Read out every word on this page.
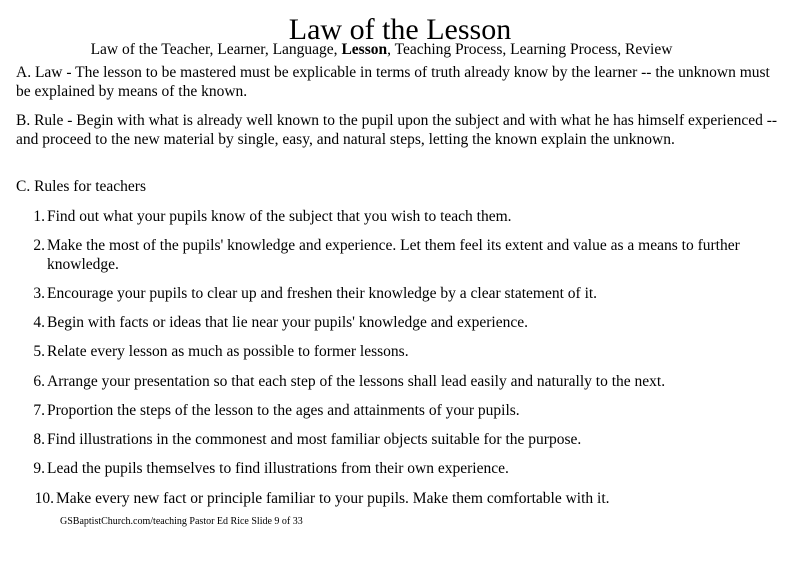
Law of the Lesson
Law of the Teacher, Learner, Language, Lesson, Teaching Process, Learning Process, Review
A. Law - The lesson to be mastered must be explicable in terms of truth already know by the learner -- the unknown must be explained by means of the known.
B. Rule - Begin with what is already well known to the pupil upon the subject and with what he has himself experienced -- and proceed to the new material by single, easy, and natural steps, letting the known explain the unknown.
C. Rules for teachers
1. Find out what your pupils know of the subject that you wish to teach them.
2. Make the most of the pupils' knowledge and experience. Let them feel its extent and value as a means to further knowledge.
3. Encourage your pupils to clear up and freshen their knowledge by a clear statement of it.
4. Begin with facts or ideas that lie near your pupils' knowledge and experience.
5. Relate every lesson as much as possible to former lessons.
6. Arrange your presentation so that each step of the lessons shall lead easily and naturally to the next.
7. Proportion the steps of the lesson to the ages and attainments of your pupils.
8. Find illustrations in the commonest and most familiar objects suitable for the purpose.
9. Lead the pupils themselves to find illustrations from their own experience.
10. Make every new fact or principle familiar to your pupils. Make them comfortable with it.
GSBaptistChurch.com/teaching Pastor Ed Rice Slide 9 of 33
